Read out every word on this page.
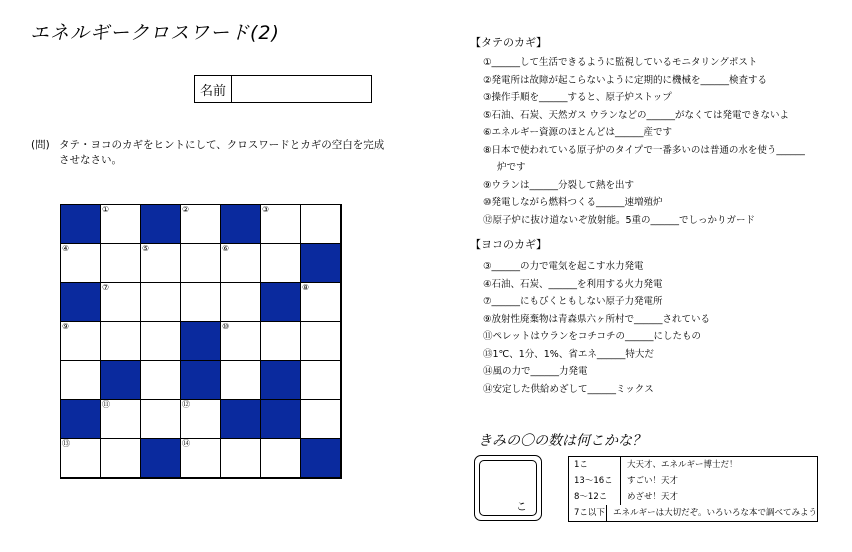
エネルギークロスワード(2)
名前
(問) タテ・ヨコのカギをヒントにして、クロスワードとカギの空白を完成させなさい。
①	②	③
④	⑤	⑥
⑦	⑧
⑨	⑩
⑪	⑫
⑬	⑭
【タテのカギ】
①______して生活できるように監視しているモニタリングポスト
②発電所は故障が起こらないように定期的に機械を______検査する
③操作手順を______すると、原子炉ストップ
⑤石油、石炭、天然ガス ウランなどの______がなくては発電できないよ
⑥エネルギー資源のほとんどは______産です
⑧日本で使われている原子炉のタイプで一番多いのは普通の水を使う______
炉です
⑨ウランは______分裂して熱を出す
⑩発電しながら燃料つくる______速増殖炉
⑫原子炉に抜け道ないぞ放射能。5重の______でしっかりガード
【ヨコのカギ】
③______の力で電気を起こす水力発電
④石油、石炭、______を利用する火力発電
⑦______にもびくともしない原子力発電所
⑨放射性廃棄物は青森県六ヶ所村で______されている
⑪ペレットはウランをコチコチの______にしたもの
⑬1℃、1分、1%、省エネ______特大だ
⑭風の力で______力発電
⑭安定した供給めざして______ミックス
きみの〇の数は何こかな？
こ
1こ	大天才、エネルギー博士だ！
13～16こ	すごい！天才
8～12こ	めざせ！天才
7こ以下 エネルギーは大切だぞ。いろいろな本で調べてみよう
